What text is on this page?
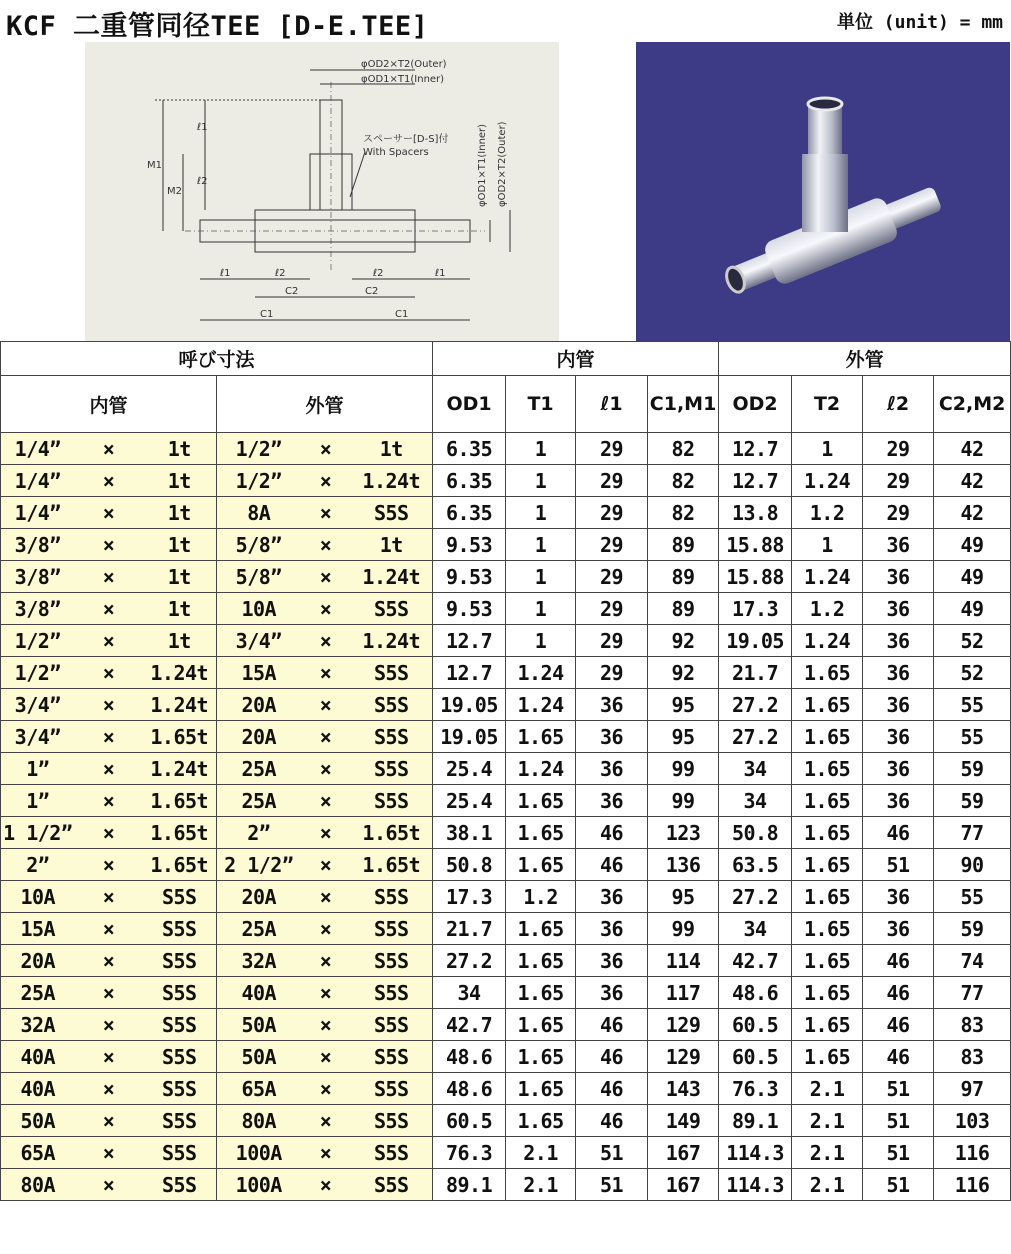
KCF 二重管同径TEE [D-E.TEE]	単位 (unit) = mm
φOD2×T2(Outer)
φOD1×T1(Inner)
スペーサー[D-S]付
With Spacers	φOD1×T1(Inner) φOD2×T2(Outer)
M1
M2
ℓ1
ℓ2
ℓ1	ℓ2	ℓ2	ℓ1
C2	C2
C1	C1
呼び寸法						内管				外管			
内管			外管			OD1	T1	ℓ1	C1,M1	OD2	T2	ℓ2	C2,M2
1/4”	×	1t	1/2”	×	1t	6.35	1	29	82	12.7	1	29	42
1/4”	×	1t	1/2”	×	1.24t	6.35	1	29	82	12.7	1.24	29	42
1/4”	×	1t	8A	×	S5S	6.35	1	29	82	13.8	1.2	29	42
3/8”	×	1t	5/8”	×	1t	9.53	1	29	89	15.88	1	36	49
3/8”	×	1t	5/8”	×	1.24t	9.53	1	29	89	15.88	1.24	36	49
3/8”	×	1t	10A	×	S5S	9.53	1	29	89	17.3	1.2	36	49
1/2”	×	1t	3/4”	×	1.24t	12.7	1	29	92	19.05	1.24	36	52
1/2”	×	1.24t	15A	×	S5S	12.7	1.24	29	92	21.7	1.65	36	52
3/4”	×	1.24t	20A	×	S5S	19.05	1.24	36	95	27.2	1.65	36	55
3/4”	×	1.65t	20A	×	S5S	19.05	1.65	36	95	27.2	1.65	36	55
1”	×	1.24t	25A	×	S5S	25.4	1.24	36	99	34	1.65	36	59
1”	×	1.65t	25A	×	S5S	25.4	1.65	36	99	34	1.65	36	59
1 1/2”	×	1.65t	2”	×	1.65t	38.1	1.65	46	123	50.8	1.65	46	77
2”	×	1.65t	2 1/2”	×	1.65t	50.8	1.65	46	136	63.5	1.65	51	90
10A	×	S5S	20A	×	S5S	17.3	1.2	36	95	27.2	1.65	36	55
15A	×	S5S	25A	×	S5S	21.7	1.65	36	99	34	1.65	36	59
20A	×	S5S	32A	×	S5S	27.2	1.65	36	114	42.7	1.65	46	74
25A	×	S5S	40A	×	S5S	34	1.65	36	117	48.6	1.65	46	77
32A	×	S5S	50A	×	S5S	42.7	1.65	46	129	60.5	1.65	46	83
40A	×	S5S	50A	×	S5S	48.6	1.65	46	129	60.5	1.65	46	83
40A	×	S5S	65A	×	S5S	48.6	1.65	46	143	76.3	2.1	51	97
50A	×	S5S	80A	×	S5S	60.5	1.65	46	149	89.1	2.1	51	103
65A	×	S5S	100A	×	S5S	76.3	2.1	51	167	114.3	2.1	51	116
80A	×	S5S	100A	×	S5S	89.1	2.1	51	167	114.3	2.1	51	116
